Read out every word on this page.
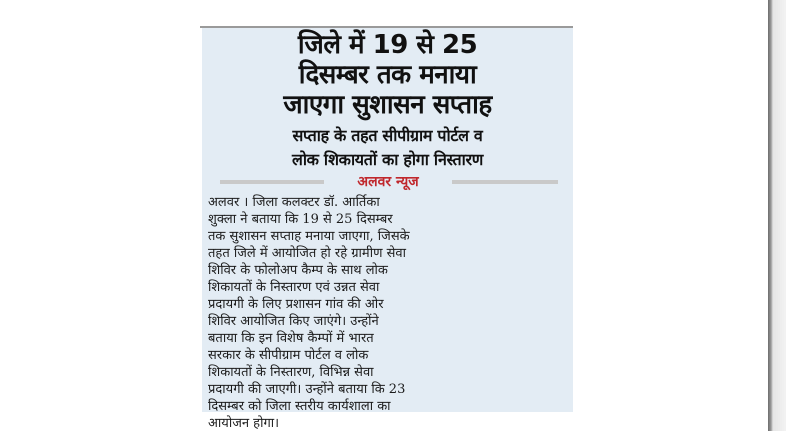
जिले में 19 से 25
दिसम्बर तक मनाया
जाएगा सुशासन सप्ताह
सप्ताह के तहत सीपीग्राम पोर्टल व
लोक शिकायतों का होगा निस्तारण
अलवर न्यूज

अलवर । जिला कलक्टर डॉ. आर्तिका
शुक्ला ने बताया कि 19 से 25 दिसम्बर
तक सुशासन सप्ताह मनाया जाएगा, जिसके
तहत जिले में आयोजित हो रहे ग्रामीण सेवा
शिविर के फोलोअप कैम्प के साथ लोक
शिकायतों के निस्तारण एवं उन्नत सेवा
प्रदायगी के लिए प्रशासन गांव की ओर
शिविर आयोजित किए जाएंगे। उन्होंने
बताया कि इन विशेष कैम्पों में भारत
सरकार के सीपीग्राम पोर्टल व लोक
शिकायतों के निस्तारण, विभिन्न सेवा
प्रदायगी की जाएगी। उन्होंने बताया कि 23
दिसम्बर को जिला स्तरीय कार्यशाला का
आयोजन होगा।
